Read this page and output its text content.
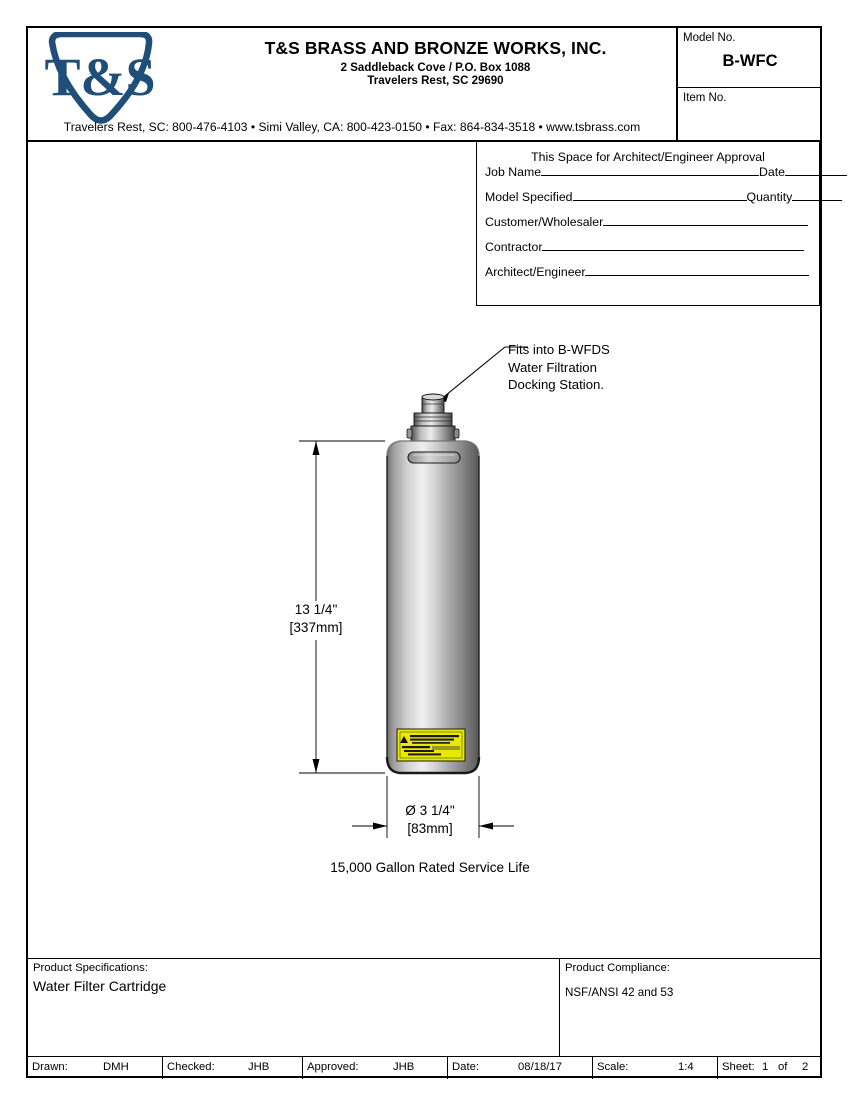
T&S	T&S BRASS AND BRONZE WORKS, INC.
2 Saddleback Cove / P.O. Box 1088
Travelers Rest, SC 29690
Travelers Rest, SC: 800-476-4103 • Simi Valley, CA: 800-423-0150 • Fax: 864-834-3518 • www.tsbrass.com
Model No.
B-WFC
Item No.
This Space for Architect/Engineer Approval
Job Name	Date
Model Specified	Quantity
Customer/Wholesaler
Contractor
Architect/Engineer
Fits into B-WFDS
Water Filtration
Docking Station.
13 1/4"
[337mm]
Ø 3 1/4"
[83mm]
15,000 Gallon Rated Service Life
Product Specifications:
Water Filter Cartridge
Product Compliance:
NSF/ANSI 42 and 53
Drawn:	DMH	Checked:	JHB	Approved:	JHB	Date:	08/18/17	Scale:	1:4	Sheet: 1 of 2
